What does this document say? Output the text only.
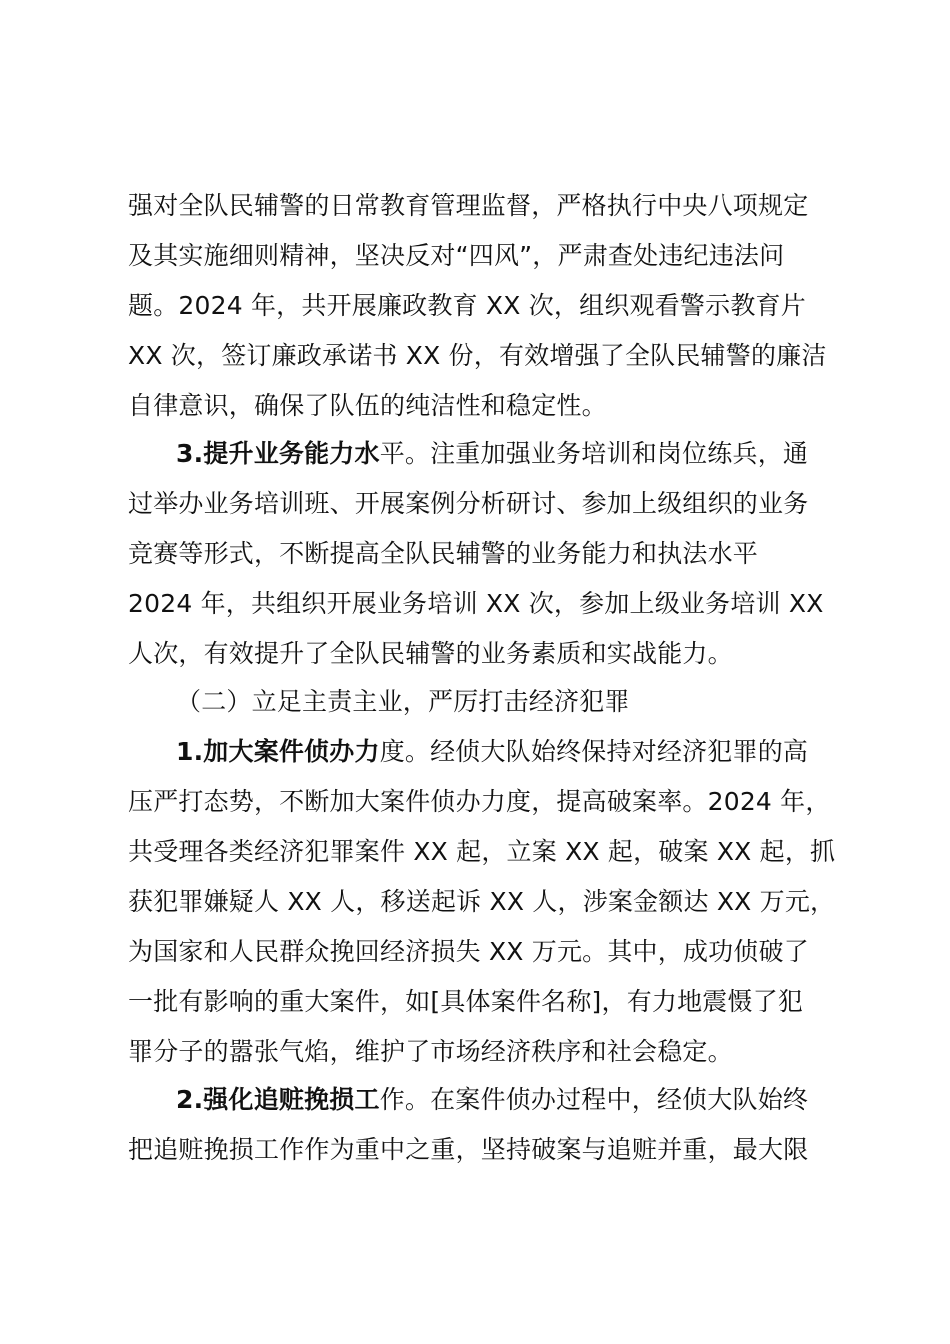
强对全队民辅警的日常教育管理监督，严格执行中央八项规定
及其实施细则精神，坚决反对“四风”，严肃查处违纪违法问
题。2024 年，共开展廉政教育 XX 次，组织观看警示教育片
XX 次，签订廉政承诺书 XX 份，有效增强了全队民辅警的廉洁
自律意识，确保了队伍的纯洁性和稳定性。
3.提升业务能力水平。注重加强业务培训和岗位练兵，通
过举办业务培训班、开展案例分析研讨、参加上级组织的业务
竞赛等形式，不断提高全队民辅警的业务能力和执法水平
2024 年，共组织开展业务培训 XX 次，参加上级业务培训 XX
人次，有效提升了全队民辅警的业务素质和实战能力。
（二）立足主责主业，严厉打击经济犯罪
1.加大案件侦办力度。经侦大队始终保持对经济犯罪的高
压严打态势，不断加大案件侦办力度，提高破案率。2024 年，
共受理各类经济犯罪案件 XX 起，立案 XX 起，破案 XX 起，抓
获犯罪嫌疑人 XX 人，移送起诉 XX 人，涉案金额达 XX 万元，
为国家和人民群众挽回经济损失 XX 万元。其中，成功侦破了
一批有影响的重大案件，如[具体案件名称]，有力地震慑了犯
罪分子的嚣张气焰，维护了市场经济秩序和社会稳定。
2.强化追赃挽损工作。在案件侦办过程中，经侦大队始终
把追赃挽损工作作为重中之重，坚持破案与追赃并重，最大限
